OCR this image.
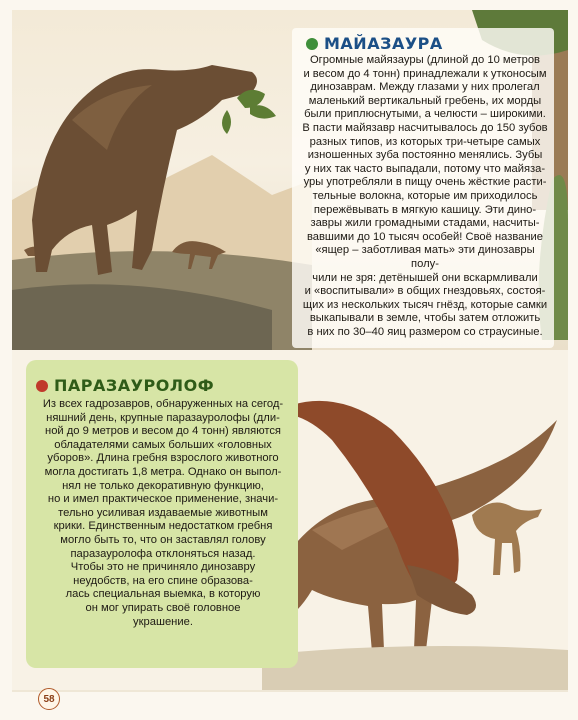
МАЙАЗАУРА
Огромные майязауры (длиной до 10 метров
и весом до 4 тонн) принадлежали к утконосым
динозаврам. Между глазами у них пролегал
маленький вертикальный гребень, их морды
были приплюснутыми, а челюсти – широкими.
В пасти майязавр насчитывалось до 150 зубов
разных типов, из которых три-четыре самых
изношенных зуба постоянно менялись. Зубы
у них так часто выпадали, потому что майяза-
уры употребляли в пищу очень жёсткие расти-
тельные волокна, которые им приходилось
пережёвывать в мягкую кашицу. Эти дино-
завры жили громадными стадами, насчиты-
вавшими до 10 тысяч особей! Своё название
«ящер – заботливая мать» эти динозавры полу-
чили не зря: детёнышей они вскармливали
и «воспитывали» в общих гнездовьях, состоя-
щих из нескольких тысяч гнёзд, которые самки
выкапывали в земле, чтобы затем отложить
в них по 30–40 яиц размером со страусиные.
ПАРАЗАУРОЛОФ
Из всех гадрозавров, обнаруженных на сегод-
няшний день, крупные паразауролофы (дли-
ной до 9 метров и весом до 4 тонн) являются
обладателями самых больших «головных
уборов». Длина гребня взрослого животного
могла достигать 1,8 метра. Однако он выпол-
нял не только декоративную функцию,
но и имел практическое применение, значи-
тельно усиливая издаваемые животным
крики. Единственным недостатком гребня
могло быть то, что он заставлял голову
паразауролофа отклоняться назад.
Чтобы это не причиняло динозавру
неудобств, на его спине образова-
лась специальная выемка, в которую
он мог упирать своё головное
украшение.
58
